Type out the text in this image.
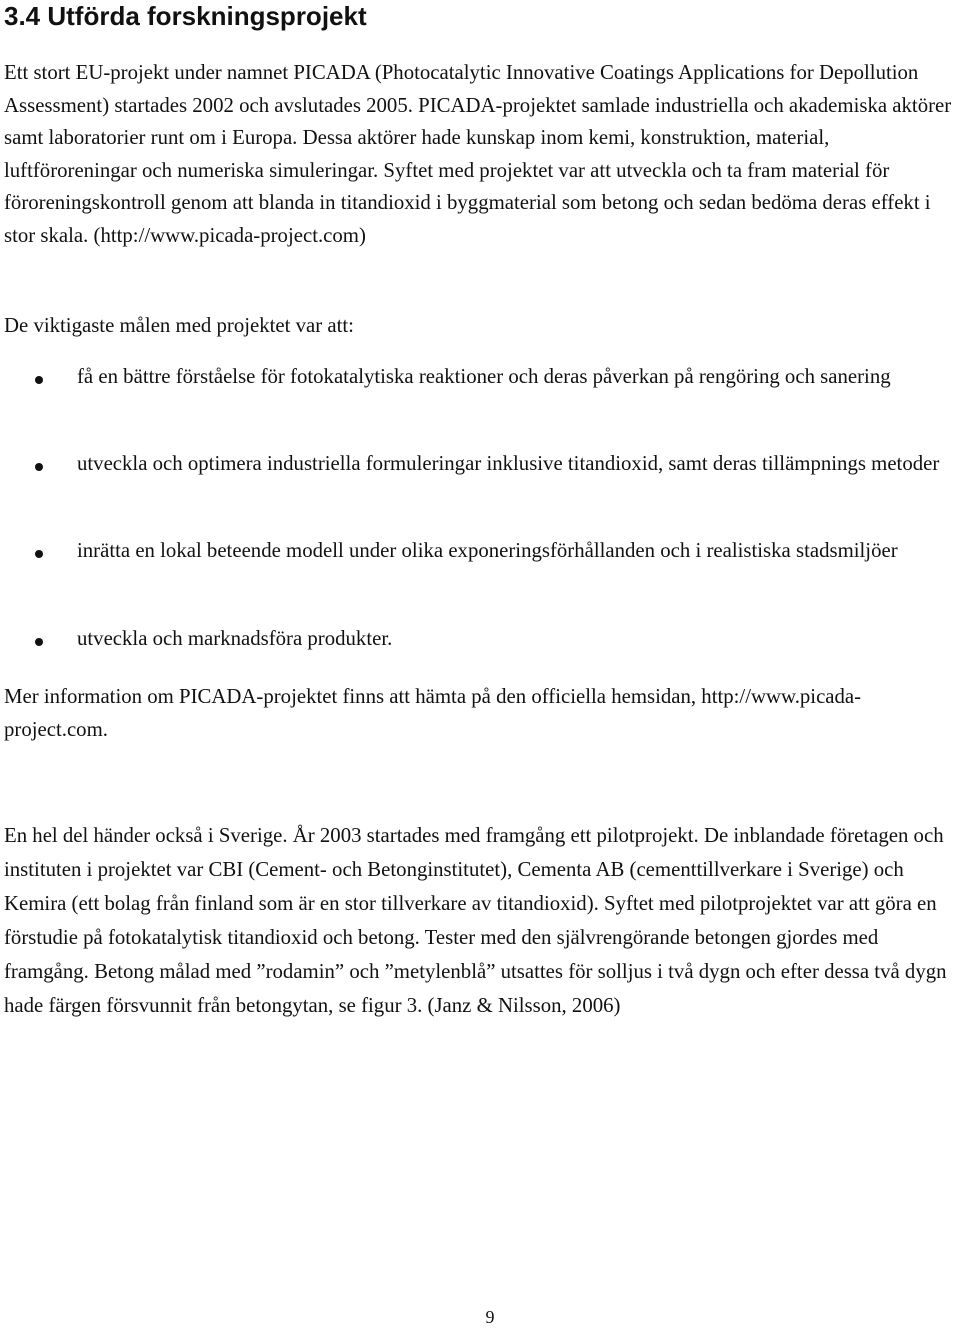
3.4 Utförda forskningsprojekt

Ett stort EU-projekt under namnet PICADA (Photocatalytic Innovative Coatings Applications for Depollution Assessment) startades 2002 och avslutades 2005. PICADA-projektet samlade industriella och akademiska aktörer samt laboratorier runt om i Europa. Dessa aktörer hade kunskap inom kemi, konstruktion, material, luftföroreningar och numeriska simuleringar. Syftet med projektet var att utveckla och ta fram material för föroreningskontroll genom att blanda in titandioxid i byggmaterial som betong och sedan bedöma deras effekt i stor skala. (http://www.picada-project.com)

De viktigaste målen med projektet var att:

få en bättre förståelse för fotokatalytiska reaktioner och deras påverkan på rengöring och sanering
utveckla och optimera industriella formuleringar inklusive titandioxid, samt deras tillämpnings metoder
inrätta en lokal beteende modell under olika exponeringsförhållanden och i realistiska stadsmiljöer
utveckla och marknadsföra produkter.

Mer information om PICADA-projektet finns att hämta på den officiella hemsidan, http://www.picada-project.com.

En hel del händer också i Sverige. År 2003 startades med framgång ett pilotprojekt. De inblandade företagen och instituten i projektet var CBI (Cement- och Betonginstitutet), Cementa AB (cementtillverkare i Sverige) och Kemira (ett bolag från finland som är en stor tillverkare av titandioxid). Syftet med pilotprojektet var att göra en förstudie på fotokatalytisk titandioxid och betong. Tester med den självrengörande betongen gjordes med framgång. Betong målad med ”rodamin” och ”metylenblå” utsattes för solljus i två dygn och efter dessa två dygn hade färgen försvunnit från betongytan, se figur 3. (Janz & Nilsson, 2006)

9
